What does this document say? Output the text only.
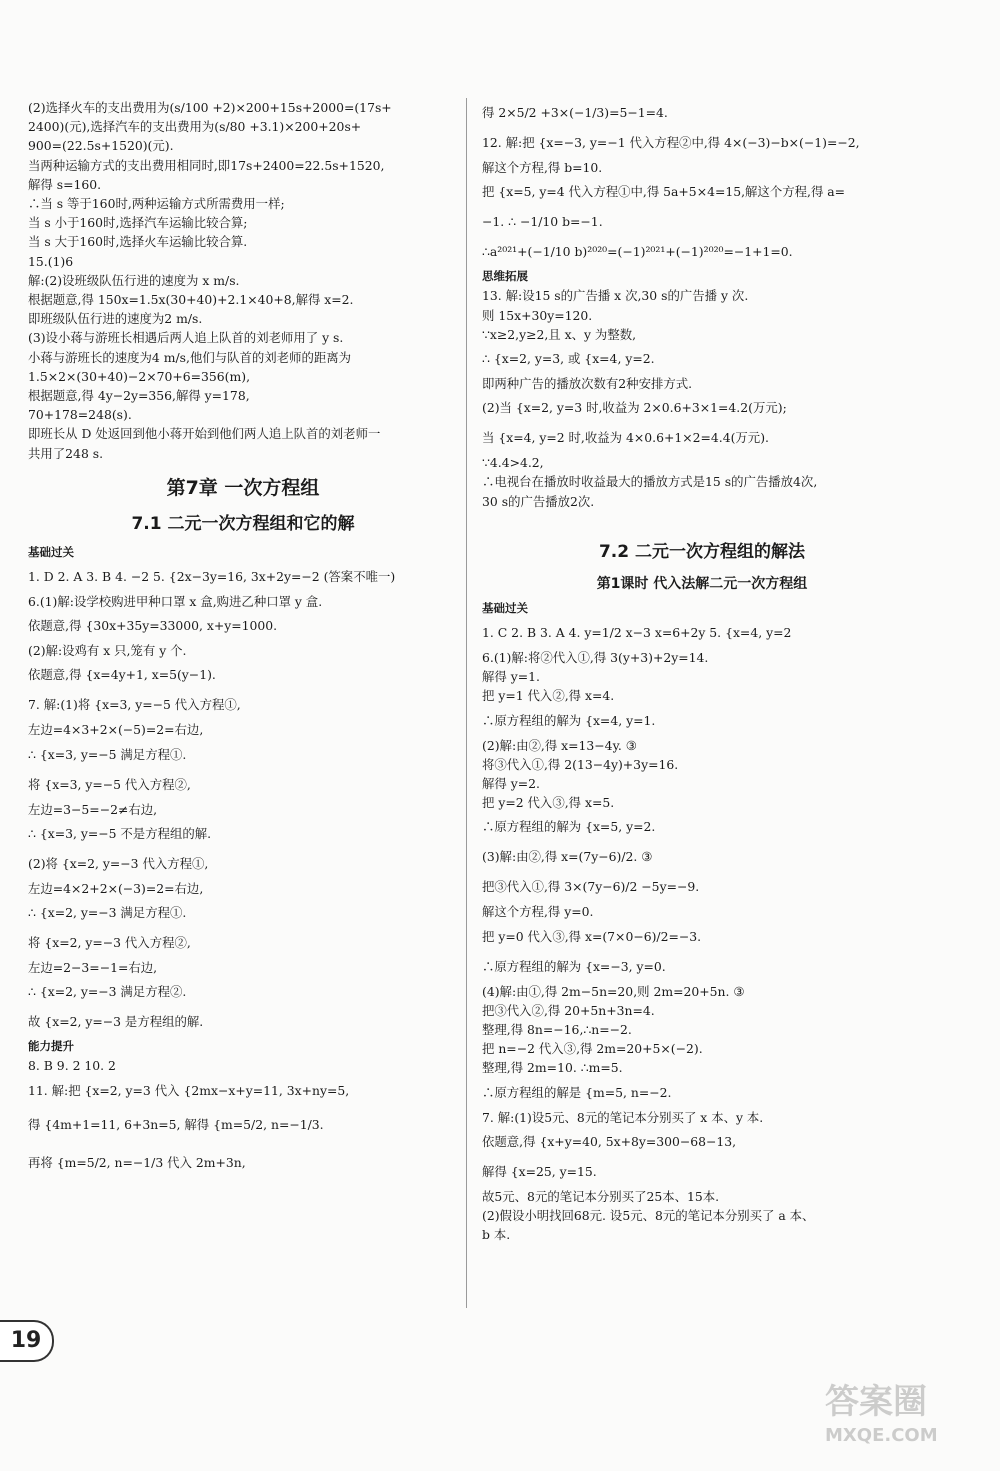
(2)选择火车的支出费用为(s/100 +2)×200+15s+2000=(17s+
2400)(元),选择汽车的支出费用为(s/80 +3.1)×200+20s+
900=(22.5s+1520)(元).
当两种运输方式的支出费用相同时,即17s+2400=22.5s+1520,
解得 s=160.
∴当 s 等于160时,两种运输方式所需费用一样;
当 s 小于160时,选择汽车运输比较合算;
当 s 大于160时,选择火车运输比较合算.
15.(1)6
解:(2)设班级队伍行进的速度为 x m/s.
根据题意,得 150x=1.5x(30+40)+2.1×40+8,解得 x=2.
即班级队伍行进的速度为2 m/s.
(3)设小蒋与游班长相遇后两人追上队首的刘老师用了 y s.
小蒋与游班长的速度为4 m/s,他们与队首的刘老师的距离为
1.5×2×(30+40)−2×70+6=356(m),
根据题意,得 4y−2y=356,解得 y=178,
70+178=248(s).
即班长从 D 处返回到他小蒋开始到他们两人追上队首的刘老师一
共用了248 s.
第7章 一次方程组
7.1 二元一次方程组和它的解
基础过关
1. D 2. A 3. B 4. −2 5. {2x−3y=16, 3x+2y=−2 (答案不唯一)
6.(1)解:设学校购进甲种口罩 x 盒,购进乙种口罩 y 盒.
依题意,得 {30x+35y=33000, x+y=1000.
(2)解:设鸡有 x 只,笼有 y 个.
依题意,得 {x=4y+1, x=5(y−1).
7. 解:(1)将 {x=3, y=−5 代入方程①,
左边=4×3+2×(−5)=2=右边,
∴ {x=3, y=−5 满足方程①.
将 {x=3, y=−5 代入方程②,
左边=3−5=−2≠右边,
∴ {x=3, y=−5 不是方程组的解.
(2)将 {x=2, y=−3 代入方程①,
左边=4×2+2×(−3)=2=右边,
∴ {x=2, y=−3 满足方程①.
将 {x=2, y=−3 代入方程②,
左边=2−3=−1=右边,
∴ {x=2, y=−3 满足方程②.
故 {x=2, y=−3 是方程组的解.
能力提升
8. B 9. 2 10. 2
11. 解:把 {x=2, y=3 代入 {2mx−x+y=11, 3x+ny=5,
得 {4m+1=11, 6+3n=5, 解得 {m=5/2, n=−1/3.
再将 {m=5/2, n=−1/3 代入 2m+3n,
得 2×5/2 +3×(−1/3)=5−1=4.
12. 解:把 {x=−3, y=−1 代入方程②中,得 4×(−3)−b×(−1)=−2,
解这个方程,得 b=10.
把 {x=5, y=4 代入方程①中,得 5a+5×4=15,解这个方程,得 a=
−1. ∴ −1/10 b=−1.
∴a²⁰²¹+(−1/10 b)²⁰²⁰=(−1)²⁰²¹+(−1)²⁰²⁰=−1+1=0.
思维拓展
13. 解:设15 s的广告播 x 次,30 s的广告播 y 次.
则 15x+30y=120.
∵x≥2,y≥2,且 x、y 为整数,
∴ {x=2, y=3, 或 {x=4, y=2.
即两种广告的播放次数有2种安排方式.
(2)当 {x=2, y=3 时,收益为 2×0.6+3×1=4.2(万元);
当 {x=4, y=2 时,收益为 4×0.6+1×2=4.4(万元).
∵4.4>4.2,
∴电视台在播放时收益最大的播放方式是15 s的广告播放4次,
30 s的广告播放2次.
7.2 二元一次方程组的解法
第1课时 代入法解二元一次方程组
基础过关
1. C 2. B 3. A 4. y=1/2 x−3 x=6+2y 5. {x=4, y=2
6.(1)解:将②代入①,得 3(y+3)+2y=14.
解得 y=1.
把 y=1 代入②,得 x=4.
∴原方程组的解为 {x=4, y=1.
(2)解:由②,得 x=13−4y. ③
将③代入①,得 2(13−4y)+3y=16.
解得 y=2.
把 y=2 代入③,得 x=5.
∴原方程组的解为 {x=5, y=2.
(3)解:由②,得 x=(7y−6)/2. ③
把③代入①,得 3×(7y−6)/2 −5y=−9.
解这个方程,得 y=0.
把 y=0 代入③,得 x=(7×0−6)/2=−3.
∴原方程组的解为 {x=−3, y=0.
(4)解:由①,得 2m−5n=20,则 2m=20+5n. ③
把③代入②,得 20+5n+3n=4.
整理,得 8n=−16,∴n=−2.
把 n=−2 代入③,得 2m=20+5×(−2).
整理,得 2m=10. ∴m=5.
∴原方程组的解是 {m=5, n=−2.
7. 解:(1)设5元、8元的笔记本分别买了 x 本、y 本.
依题意,得 {x+y=40, 5x+8y=300−68−13,
解得 {x=25, y=15.
故5元、8元的笔记本分别买了25本、15本.
(2)假设小明找回68元. 设5元、8元的笔记本分别买了 a 本、
b 本.
19
答案圈
MXQE.COM
